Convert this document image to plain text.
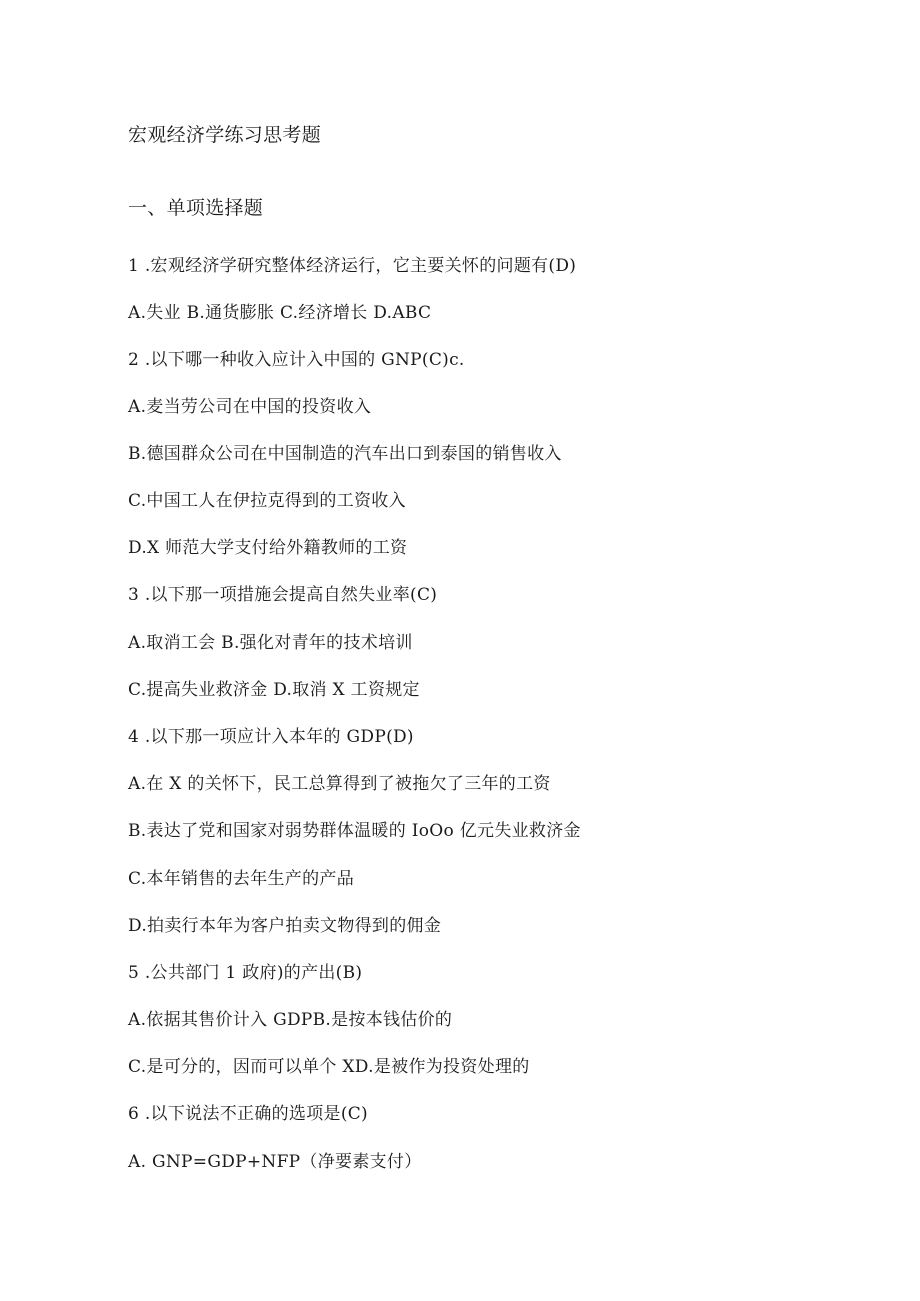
宏观经济学练习思考题
一、单项选择题
1 .宏观经济学研究整体经济运行，它主要关怀的问题有(D)
A.失业 B.通货膨胀 C.经济增长 D.ABC
2 .以下哪一种收入应计入中国的 GNP(C)c.
A.麦当劳公司在中国的投资收入
B.德国群众公司在中国制造的汽车出口到泰国的销售收入
C.中国工人在伊拉克得到的工资收入
D.X 师范大学支付给外籍教师的工资
3 .以下那一项措施会提高自然失业率(C)
A.取消工会 B.强化对青年的技术培训
C.提高失业救济金 D.取消 X 工资规定
4 .以下那一项应计入本年的 GDP(D)
A.在 X 的关怀下，民工总算得到了被拖欠了三年的工资
B.表达了党和国家对弱势群体温暖的 IoOo 亿元失业救济金
C.本年销售的去年生产的产品
D.拍卖行本年为客户拍卖文物得到的佣金
5 .公共部门 1 政府)的产出(B)
A.依据其售价计入 GDPB.是按本钱估价的
C.是可分的，因而可以单个 XD.是被作为投资处理的
6 .以下说法不正确的选项是(C)
A. GNP=GDP+NFP（净要素支付）
